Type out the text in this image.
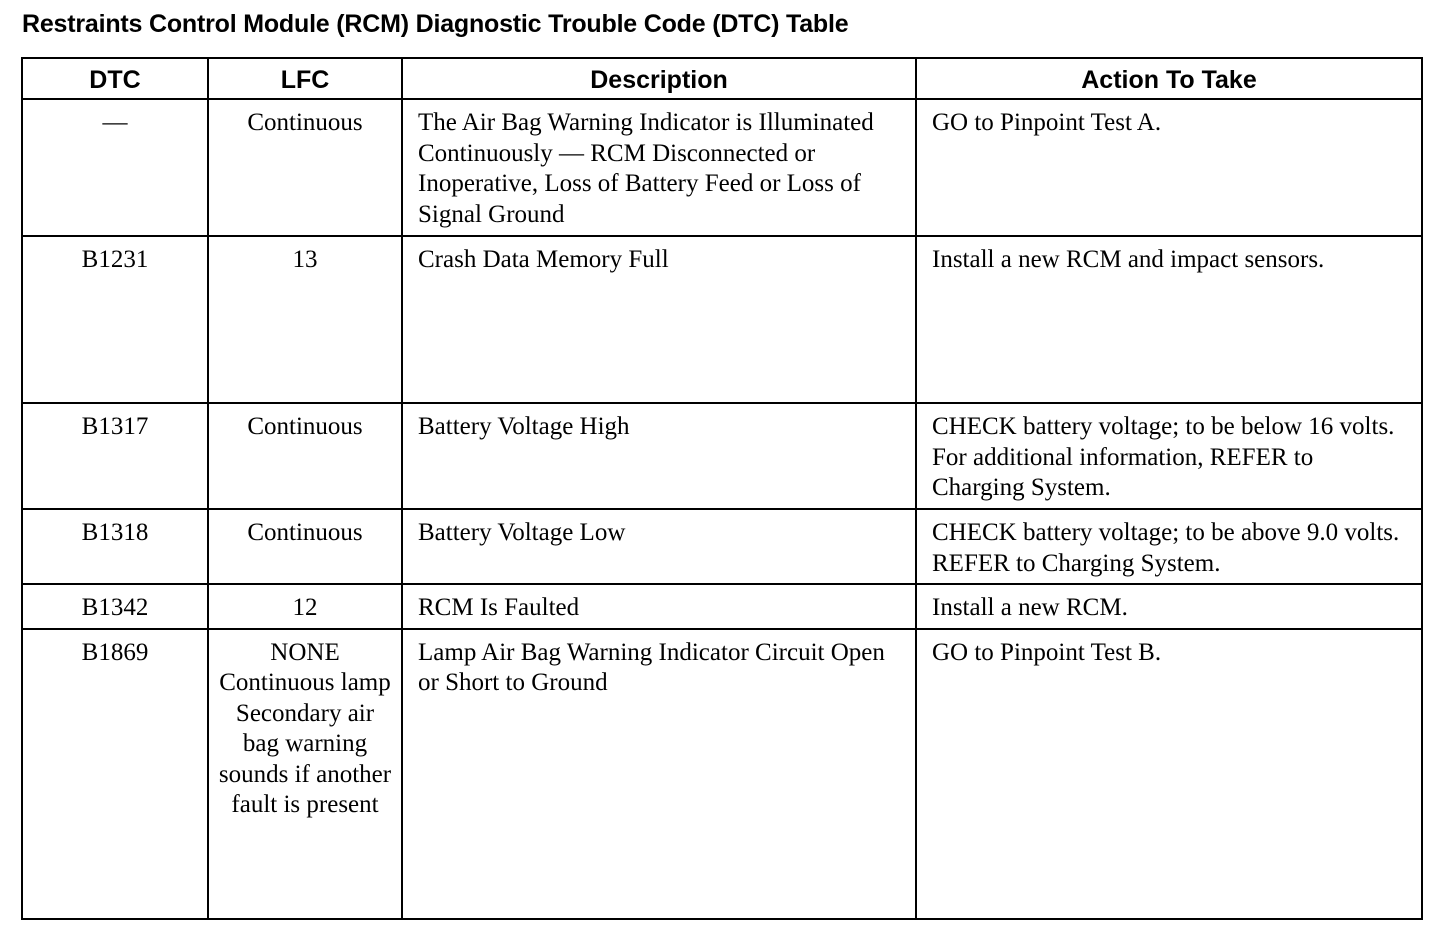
Restraints Control Module (RCM) Diagnostic Trouble Code (DTC) Table
DTC	LFC	Description	Action To Take
—	Continuous	The Air Bag Warning Indicator is Illuminated Continuously — RCM Disconnected or Inoperative, Loss of Battery Feed or Loss of Signal Ground	GO to Pinpoint Test A.
B1231	13	Crash Data Memory Full	Install a new RCM and impact sensors.
B1317	Continuous	Battery Voltage High	CHECK battery voltage; to be below 16 volts. For additional information, REFER to Charging System.
B1318	Continuous	Battery Voltage Low	CHECK battery voltage; to be above 9.0 volts. REFER to Charging System.
B1342	12	RCM Is Faulted	Install a new RCM.
B1869	NONE Continuous lamp Secondary air bag warning sounds if another fault is present	Lamp Air Bag Warning Indicator Circuit Open or Short to Ground	GO to Pinpoint Test B.
